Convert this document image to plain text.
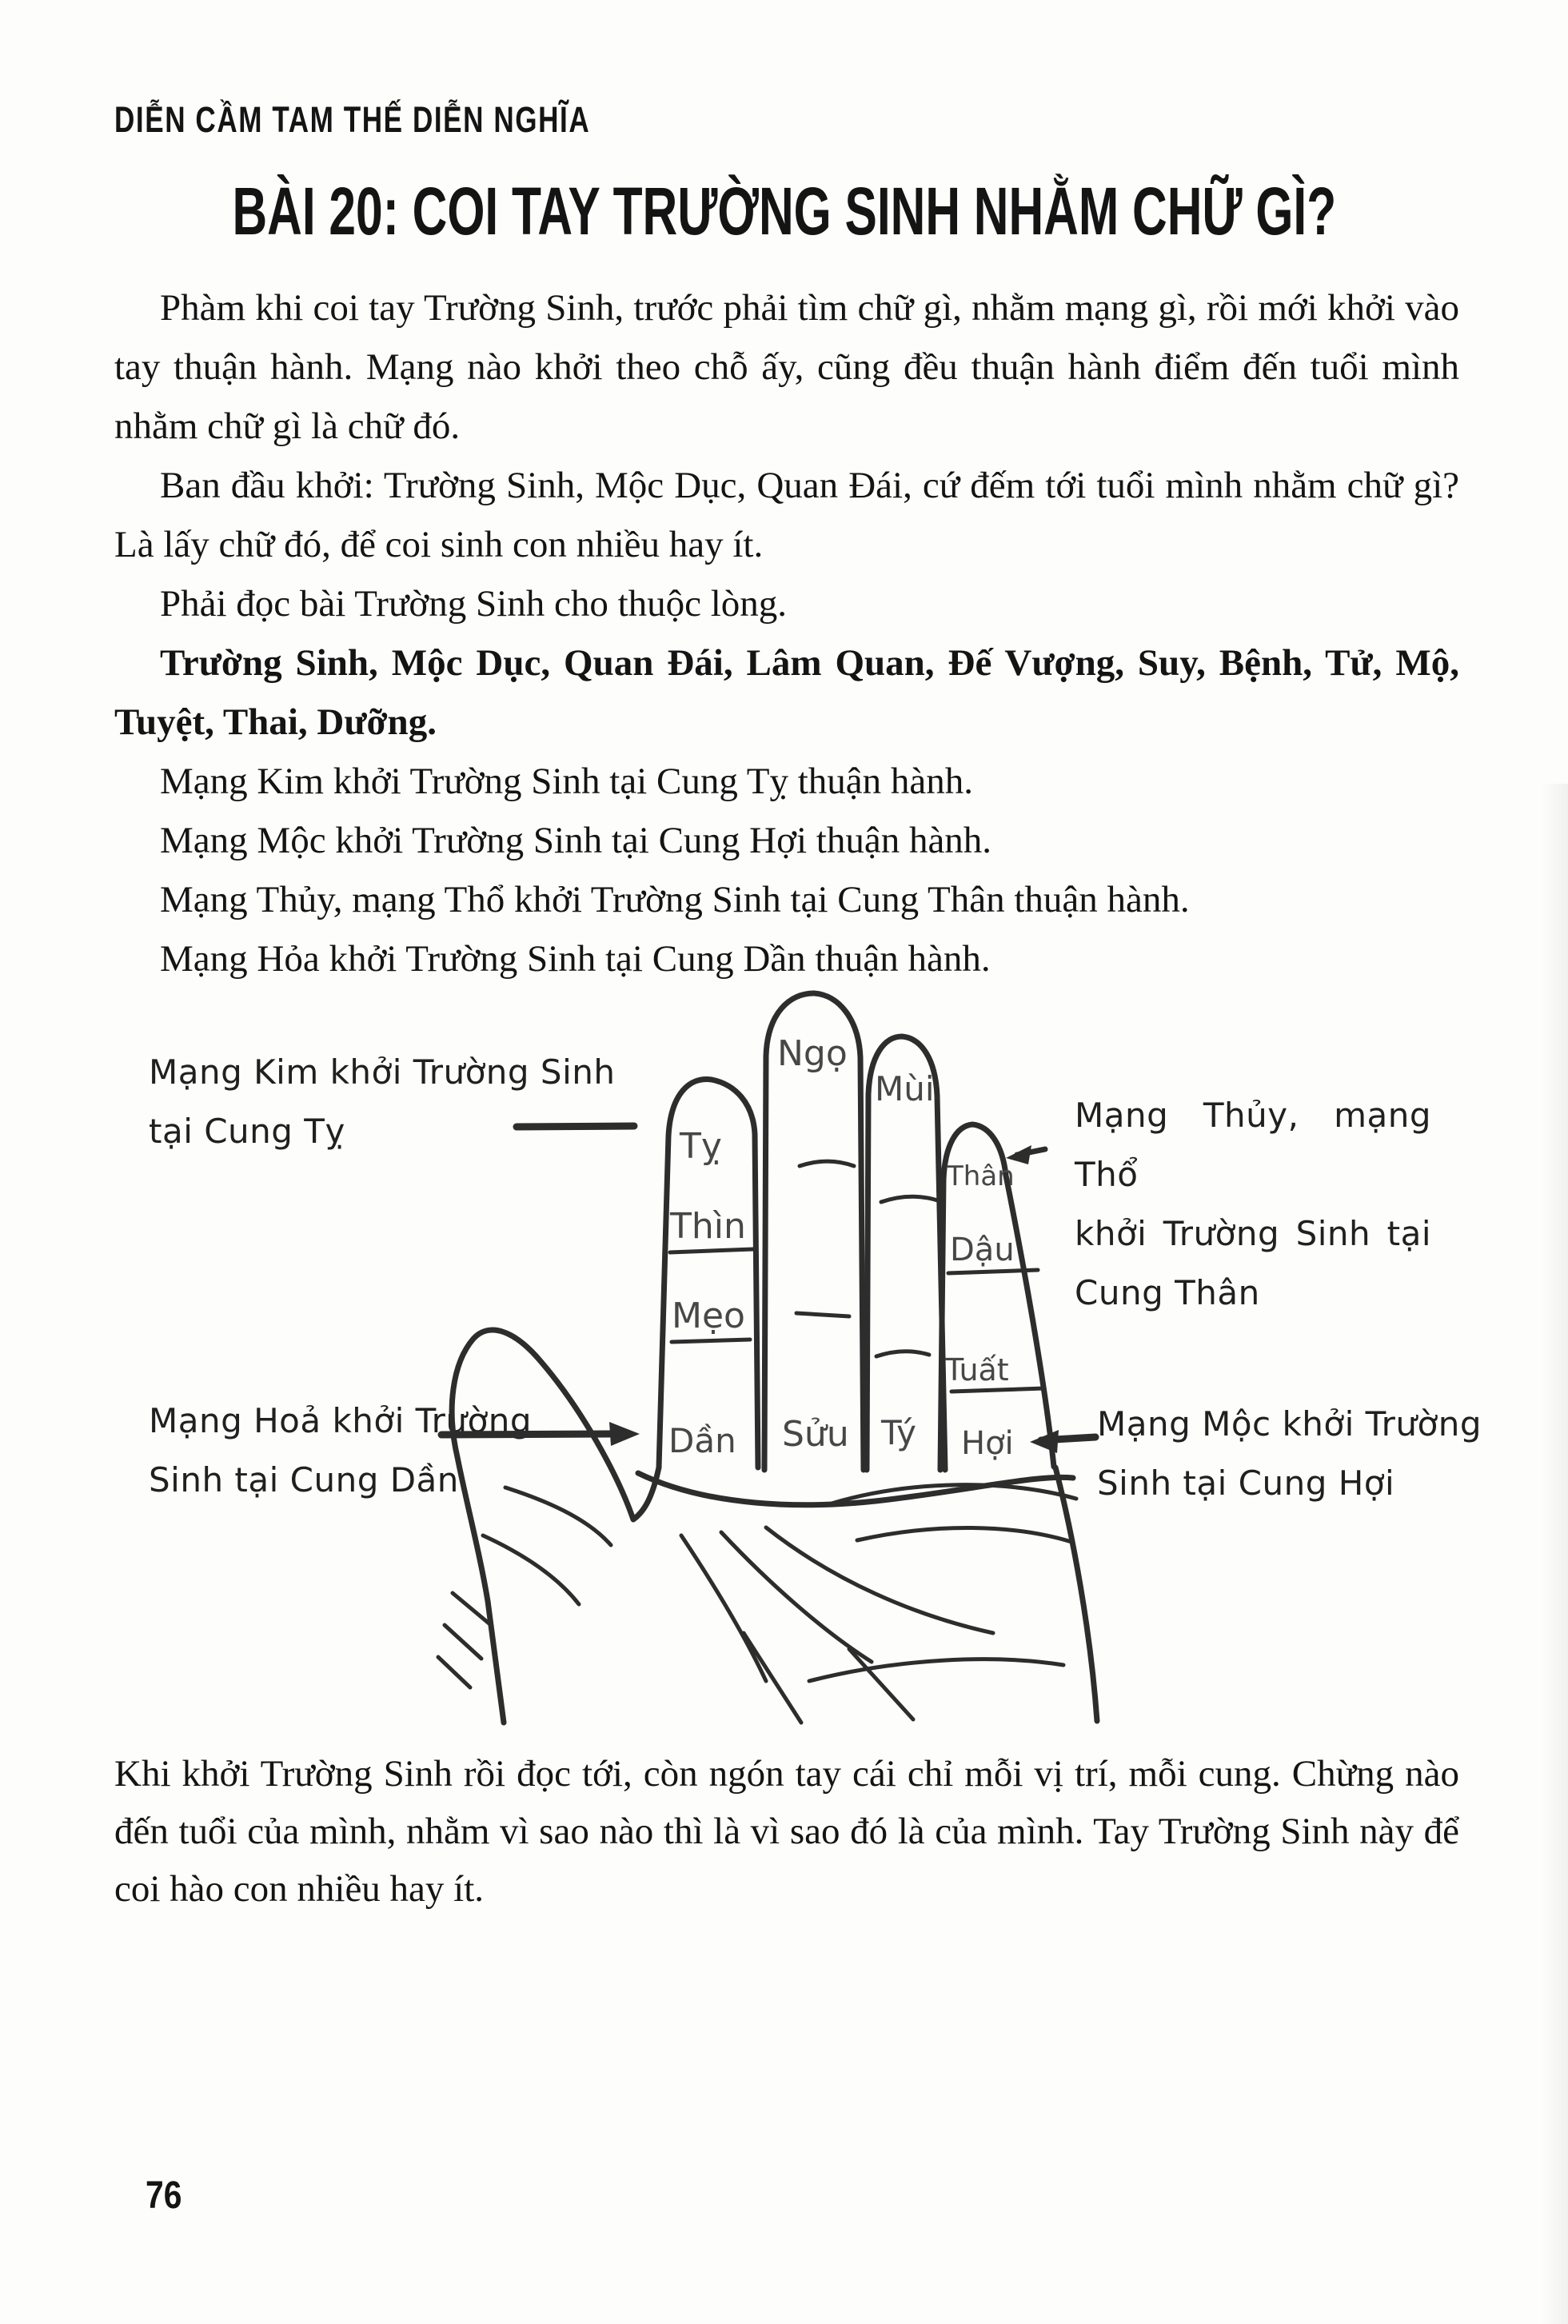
DIỄN CẦM TAM THẾ DIỄN NGHĨA
BÀI 20: COI TAY TRƯỜNG SINH NHẰM CHỮ GÌ?

Phàm khi coi tay Trường Sinh, trước phải tìm chữ gì, nhằm mạng gì, rồi mới khởi vào tay thuận hành. Mạng nào khởi theo chỗ ấy, cũng đều thuận hành điểm đến tuổi mình nhằm chữ gì là chữ đó.

Ban đầu khởi: Trường Sinh, Mộc Dục, Quan Đái, cứ đếm tới tuổi mình nhằm chữ gì? Là lấy chữ đó, để coi sinh con nhiều hay ít.

Phải đọc bài Trường Sinh cho thuộc lòng.

Trường Sinh, Mộc Dục, Quan Đái, Lâm Quan, Đế Vượng, Suy, Bệnh, Tử, Mộ, Tuyệt, Thai, Dưỡng.

Mạng Kim khởi Trường Sinh tại Cung Tỵ thuận hành.

Mạng Mộc khởi Trường Sinh tại Cung Hợi thuận hành.

Mạng Thủy, mạng Thổ khởi Trường Sinh tại Cung Thân thuận hành.

Mạng Hỏa khởi Trường Sinh tại Cung Dần thuận hành.

Mạng Kim khởi Trường Sinh
tại Cung Tỵ	Mạng Thủy, mạng Thổ
khởi Trường Sinh tại
Cung Thân
Mạng Hoả khởi Trường
Sinh tại Cung Dần
Mạng Mộc khởi Trường
Sinh tại Cung Hợi
Tỵ
Thìn
Mẹo
Dần
Ngọ
Sửu
Mùi
Tý
Thân
Dậu
Tuất
Hợi
Khi khởi Trường Sinh rồi đọc tới, còn ngón tay cái chỉ mỗi vị trí, mỗi cung. Chừng nào đến tuổi của mình, nhằm vì sao nào thì là vì sao đó là của mình. Tay Trường Sinh này để coi hào con nhiều hay ít.
76
